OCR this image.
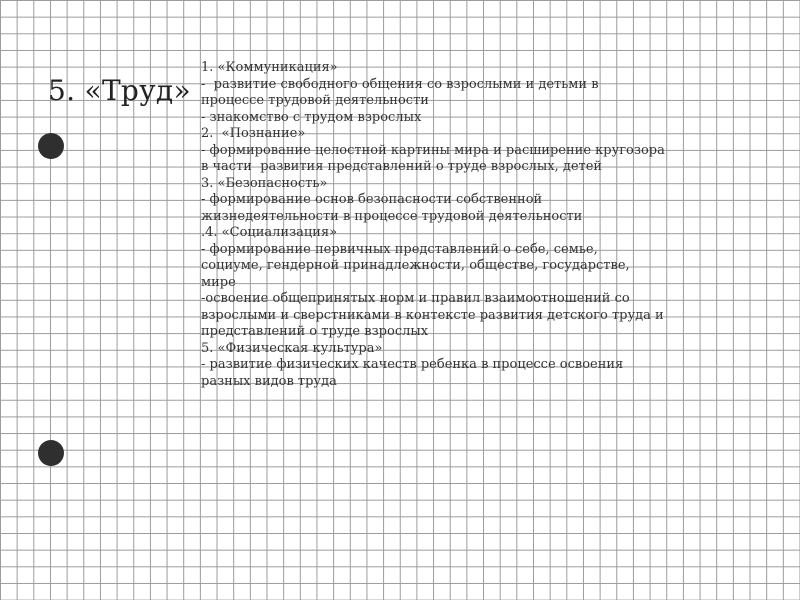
5. «Труд»
1. «Коммуникация»
-  развитие свободного общения со взрослыми и детьми в
процессе трудовой деятельности
- знакомство с трудом взрослых
2.  «Познание»
- формирование целостной картины мира и расширение кругозора
в части  развития представлений о труде взрослых, детей
3. «Безопасность»
- формирование основ безопасности собственной
жизнедеятельности в процессе трудовой деятельности
.4. «Социализация»
- формирование первичных представлений о себе, семье,
социуме, гендерной принадлежности, обществе, государстве,
мире
-освоение общепринятых норм и правил взаимоотношений со
взрослыми и сверстниками в контексте развития детского труда и
представлений о труде взрослых
5. «Физическая культура»
- развитие физических качеств ребенка в процессе освоения
разных видов труда
